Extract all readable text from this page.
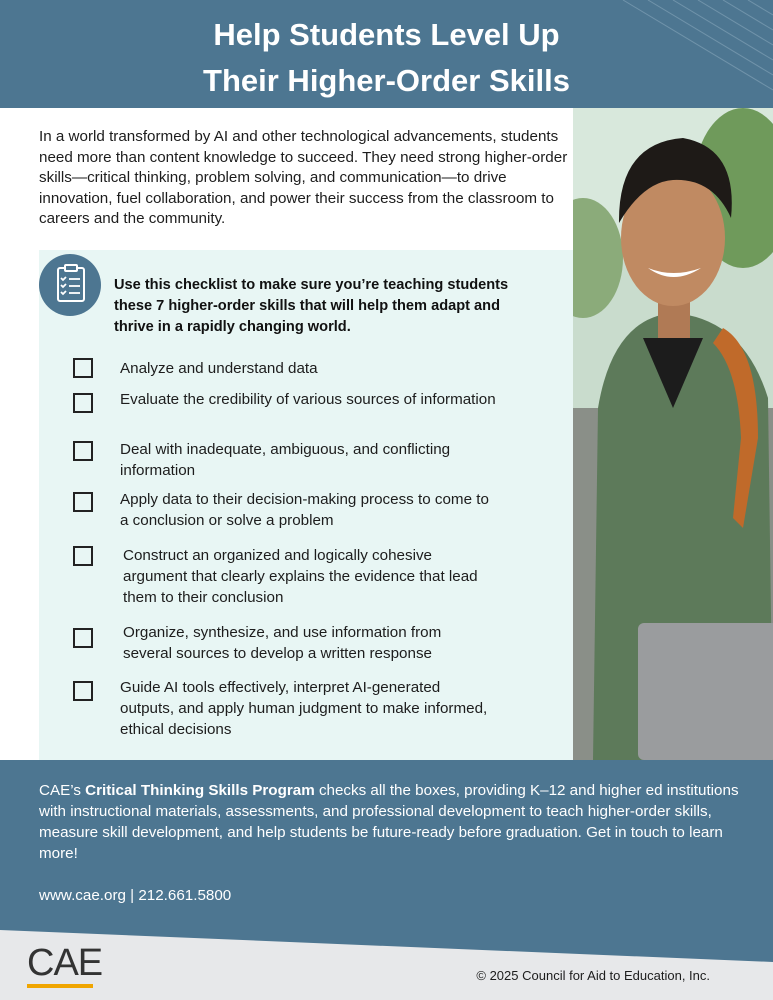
Help Students Level Up
Their Higher-Order Skills
In a world transformed by AI and other technological advancements, students need more than content knowledge to succeed. They need strong higher-order skills—critical thinking, problem solving, and communication—to drive innovation, fuel collaboration, and power their success from the classroom to careers and the community.
Use this checklist to make sure you’re teaching students these 7 higher-order skills that will help them adapt and thrive in a rapidly changing world.
Analyze and understand data
Evaluate the credibility of various sources of information
Deal with inadequate, ambiguous, and conflicting information
Apply data to their decision-making process to come to a conclusion or solve a problem
Construct an organized and logically cohesive argument that clearly explains the evidence that lead them to their conclusion
Organize, synthesize, and use information from several sources to develop a written response
Guide AI tools effectively, interpret AI-generated outputs, and apply human judgment to make informed, ethical decisions
CAE’s Critical Thinking Skills Program checks all the boxes, providing K–12 and higher ed institutions with instructional materials, assessments, and professional development to teach higher-order skills, measure skill development, and help students be future-ready before graduation. Get in touch to learn more!
www.cae.org | 212.661.5800
CAE	© 2025 Council for Aid to Education, Inc.
